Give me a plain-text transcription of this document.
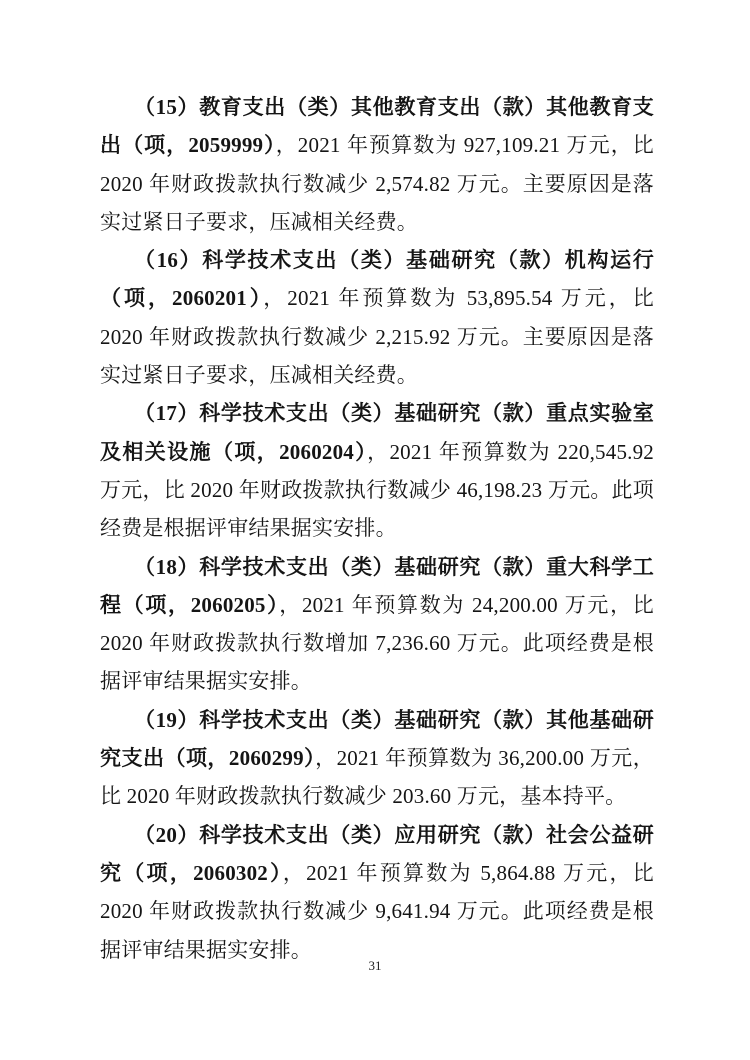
（15）教育支出（类）其他教育支出（款）其他教育支出（项，2059999），2021 年预算数为 927,109.21 万元，比 2020 年财政拨款执行数减少 2,574.82 万元。主要原因是落实过紧日子要求，压减相关经费。

（16）科学技术支出（类）基础研究（款）机构运行（项，2060201），2021 年预算数为 53,895.54 万元，比 2020 年财政拨款执行数减少 2,215.92 万元。主要原因是落实过紧日子要求，压减相关经费。

（17）科学技术支出（类）基础研究（款）重点实验室及相关设施（项，2060204），2021 年预算数为 220,545.92 万元，比 2020 年财政拨款执行数减少 46,198.23 万元。此项经费是根据评审结果据实安排。

（18）科学技术支出（类）基础研究（款）重大科学工程（项，2060205），2021 年预算数为 24,200.00 万元，比 2020 年财政拨款执行数增加 7,236.60 万元。此项经费是根据评审结果据实安排。

（19）科学技术支出（类）基础研究（款）其他基础研究支出（项，2060299），2021 年预算数为 36,200.00 万元，比 2020 年财政拨款执行数减少 203.60 万元，基本持平。

（20）科学技术支出（类）应用研究（款）社会公益研究（项，2060302），2021 年预算数为 5,864.88 万元，比 2020 年财政拨款执行数减少 9,641.94 万元。此项经费是根据评审结果据实安排。

31
